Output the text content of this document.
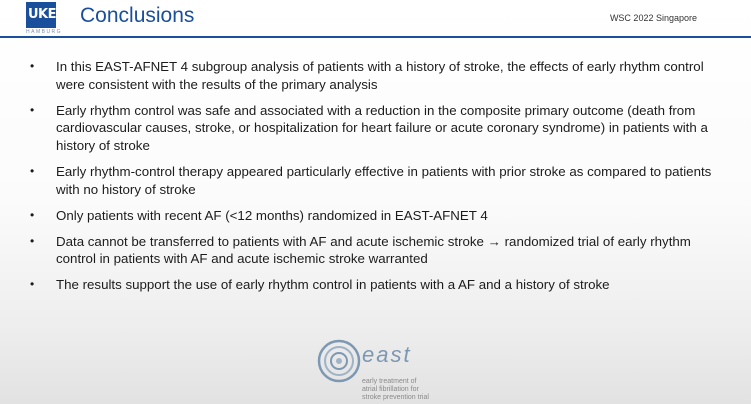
UKE
HAMBURG
Conclusions	WSC 2022 Singapore
• In this EAST-AFNET 4 subgroup analysis of patients with a history of stroke, the effects of early rhythm control were consistent with the results of the primary analysis
• Early rhythm control was safe and associated with a reduction in the composite primary outcome (death from cardiovascular causes, stroke, or hospitalization for heart failure or acute coronary syndrome) in patients with a history of stroke
• Early rhythm-control therapy appeared particularly effective in patients with prior stroke as compared to patients with no history of stroke
• Only patients with recent AF (<12 months) randomized in EAST-AFNET 4
• Data cannot be transferred to patients with AF and acute ischemic stroke → randomized trial of early rhythm control in patients with AF and acute ischemic stroke warranted
• The results support the use of early rhythm control in patients with a AF and a history of stroke
east
early treatment of
atrial fibrillation for
stroke prevention trial
